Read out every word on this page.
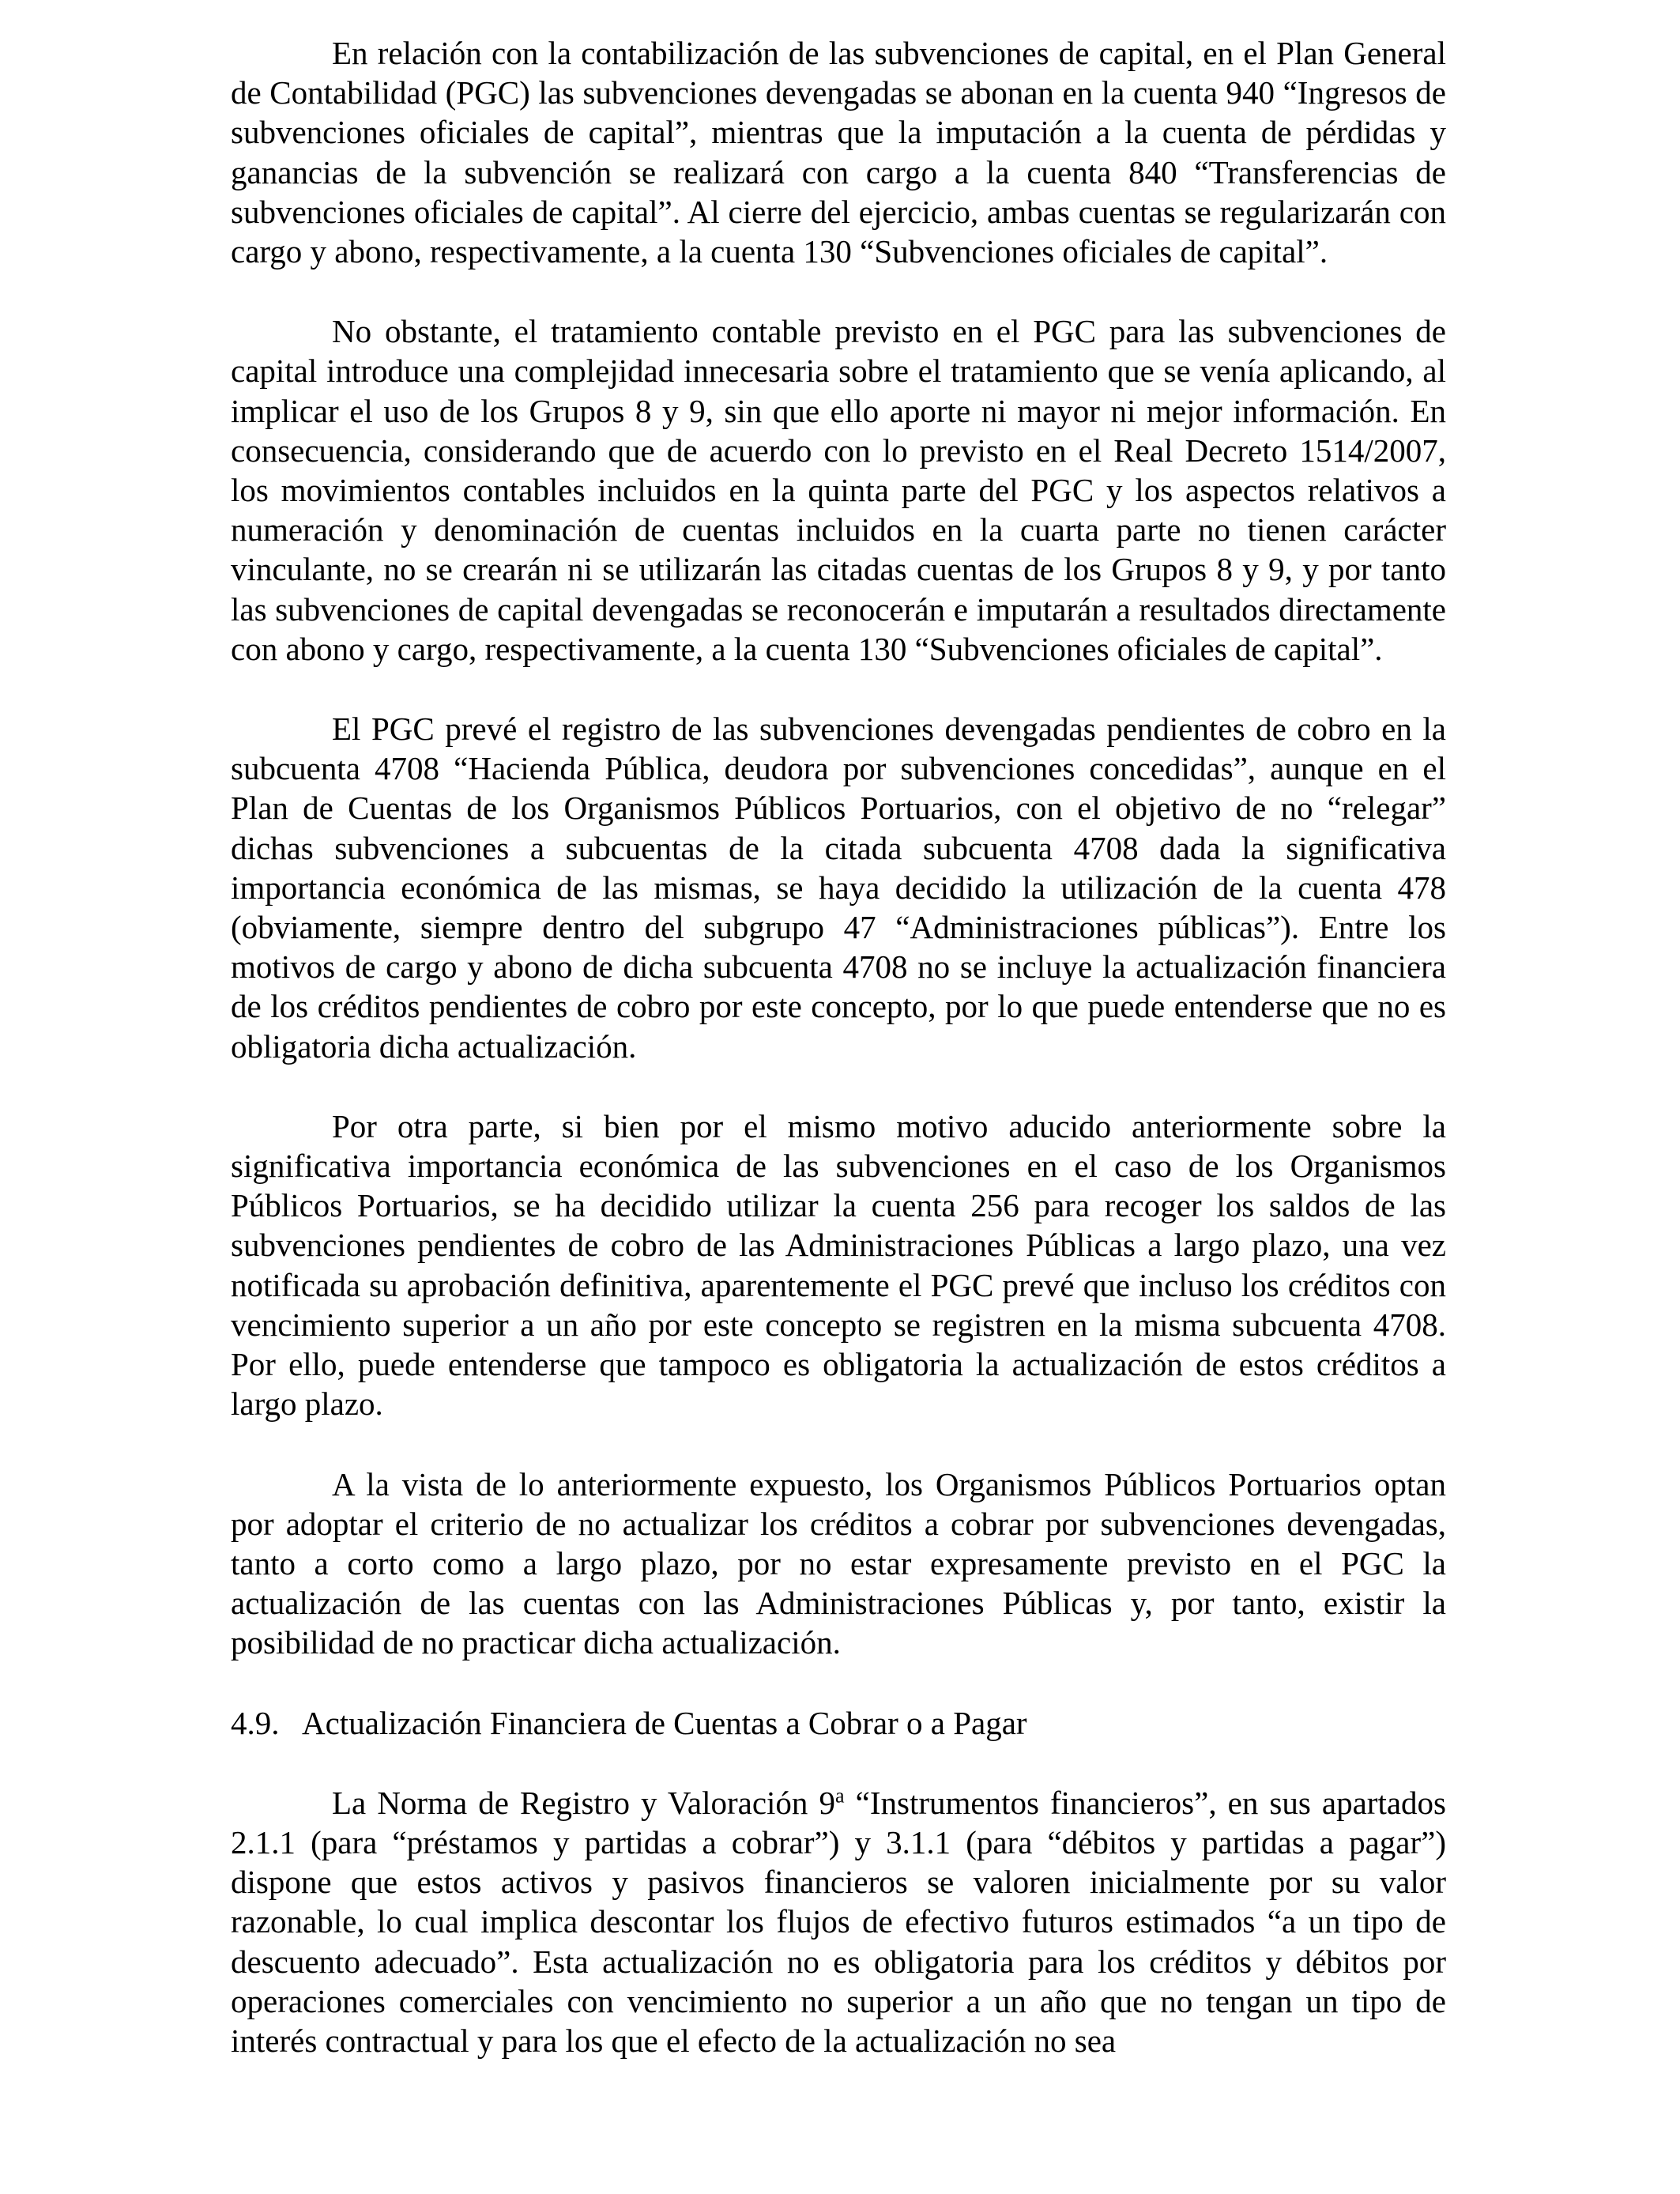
En relación con la contabilización de las subvenciones de capital, en el Plan General de Contabilidad (PGC) las subvenciones devengadas se abonan en la cuenta 940 “Ingresos de subvenciones oficiales de capital”, mientras que la imputación a la cuenta de pérdidas y ganancias de la subvención se realizará con cargo a la cuenta 840 “Transferencias de subvenciones oficiales de capital”. Al cierre del ejercicio, ambas cuentas se regularizarán con cargo y abono, respectivamente, a la cuenta 130 “Subvenciones oficiales de capital”.

No obstante, el tratamiento contable previsto en el PGC para las subvenciones de capital introduce una complejidad innecesaria sobre el tratamiento que se venía aplicando, al implicar el uso de los Grupos 8 y 9, sin que ello aporte ni mayor ni mejor información. En consecuencia, considerando que de acuerdo con lo previsto en el Real Decreto 1514/2007, los movimientos contables incluidos en la quinta parte del PGC y los aspectos relativos a numeración y denominación de cuentas incluidos en la cuarta parte no tienen carácter vinculante, no se crearán ni se utilizarán las citadas cuentas de los Grupos 8 y 9, y por tanto las subvenciones de capital devengadas se reconocerán e imputarán a resultados directamente con abono y cargo, respectivamente, a la cuenta 130 “Subvenciones oficiales de capital”.

El PGC prevé el registro de las subvenciones devengadas pendientes de cobro en la subcuenta 4708 “Hacienda Pública, deudora por subvenciones concedidas”, aunque en el Plan de Cuentas de los Organismos Públicos Portuarios, con el objetivo de no “relegar” dichas subvenciones a subcuentas de la citada subcuenta 4708 dada la significativa importancia económica de las mismas, se haya decidido la utilización de la cuenta 478 (obviamente, siempre dentro del subgrupo 47 “Administraciones públicas”). Entre los motivos de cargo y abono de dicha subcuenta 4708 no se incluye la actualización financiera de los créditos pendientes de cobro por este concepto, por lo que puede entenderse que no es obligatoria dicha actualización.

Por otra parte, si bien por el mismo motivo aducido anteriormente sobre la significativa importancia económica de las subvenciones en el caso de los Organismos Públicos Portuarios, se ha decidido utilizar la cuenta 256 para recoger los saldos de las subvenciones pendientes de cobro de las Administraciones Públicas a largo plazo, una vez notificada su aprobación definitiva, aparentemente el PGC prevé que incluso los créditos con vencimiento superior a un año por este concepto se registren en la misma subcuenta 4708. Por ello, puede entenderse que tampoco es obligatoria la actualización de estos créditos a largo plazo.

A la vista de lo anteriormente expuesto, los Organismos Públicos Portuarios optan por adoptar el criterio de no actualizar los créditos a cobrar por subvenciones devengadas, tanto a corto como a largo plazo, por no estar expresamente previsto en el PGC la actualización de las cuentas con las Administraciones Públicas y, por tanto, existir la posibilidad de no practicar dicha actualización.

4.9. Actualización Financiera de Cuentas a Cobrar o a Pagar

La Norma de Registro y Valoración 9$^a$ “Instrumentos financieros”, en sus apartados 2.1.1 (para “préstamos y partidas a cobrar”) y 3.1.1 (para “débitos y partidas a pagar”) dispone que estos activos y pasivos financieros se valoren inicialmente por su valor razonable, lo cual implica descontar los flujos de efectivo futuros estimados “a un tipo de descuento adecuado”. Esta actualización no es obligatoria para los créditos y débitos por operaciones comerciales con vencimiento no superior a un año que no tengan un tipo de interés contractual y para los que el efecto de la actualización no sea
